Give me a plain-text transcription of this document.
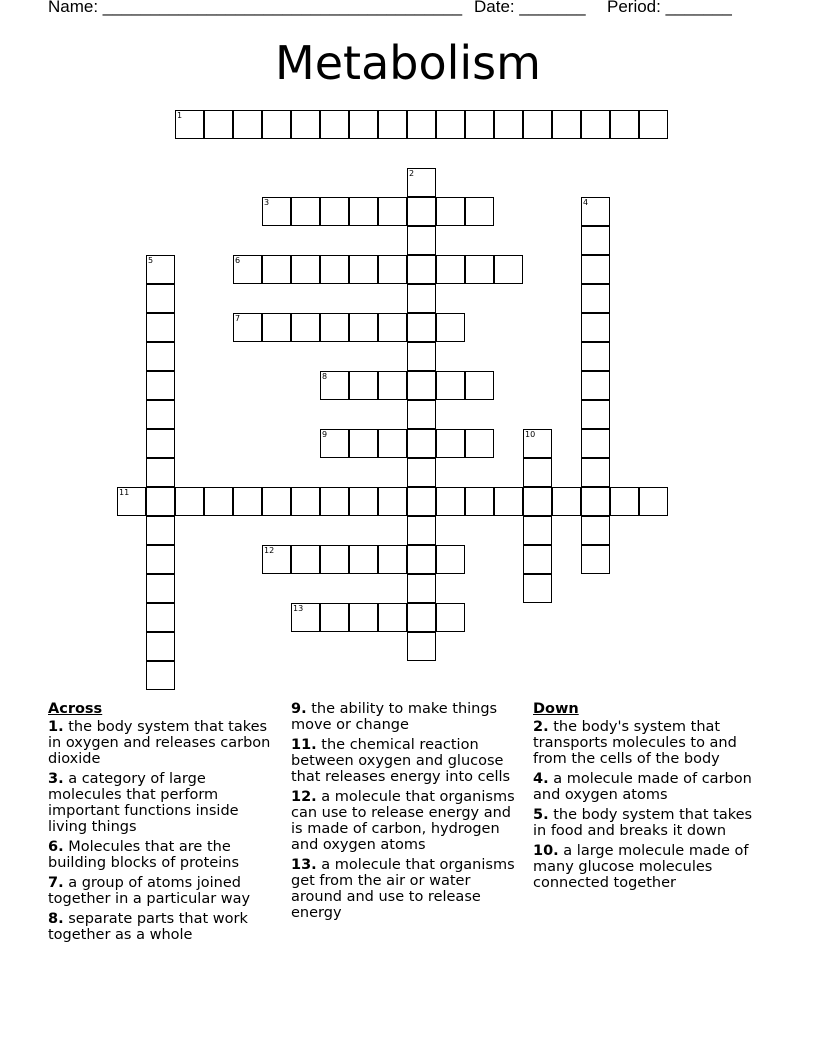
Name: ______________________________________ Date: _______ Period: _______
Metabolism
1
2
3	4
5	6
7
8
9	10
11
12
13
Across
1. the body system that takes in oxygen and releases carbon dioxide
3. a category of large molecules that perform important functions inside living things
6. Molecules that are the building blocks of proteins
7. a group of atoms joined together in a particular way
8. separate parts that work together as a whole
9. the ability to make things move or change
11. the chemical reaction between oxygen and glucose that releases energy into cells
12. a molecule that organisms can use to release energy and is made of carbon, hydrogen and oxygen atoms
13. a molecule that organisms get from the air or water around and use to release energy
Down
2. the body's system that transports molecules to and from the cells of the body
4. a molecule made of carbon and oxygen atoms
5. the body system that takes in food and breaks it down
10. a large molecule made of many glucose molecules connected together
